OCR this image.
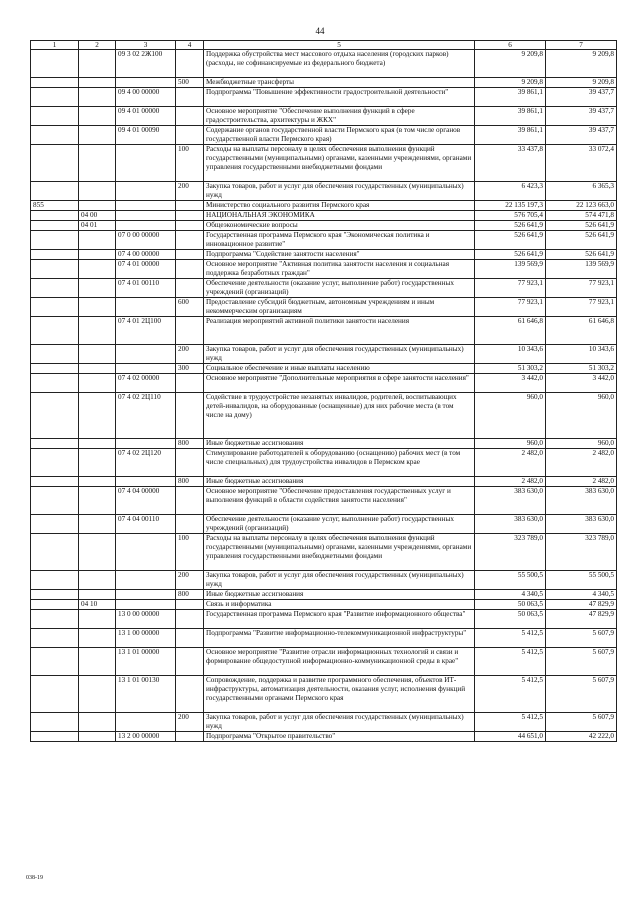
44
1	2	3	4	5	6	7
		09 3 02 2Ж100		Поддержка обустройства мест массового отдыха населения (городских парков) (расходы, не софинансируемые из федерального бюджета)	9 209,8	9 209,8
			500	Межбюджетные трансферты	9 209,8	9 209,8
		09 4 00 00000		Подпрограмма "Повышение эффективности градостроительной деятельности"	39 861,1	39 437,7
		09 4 01 00000		Основное мероприятие "Обеспечение выполнения функций в сфере градостроительства, архитектуры и ЖКХ"	39 861,1	39 437,7
		09 4 01 00090		Содержание органов государственной власти Пермского края (в том числе органов государственной власти Пермского края)	39 861,1	39 437,7
			100	Расходы на выплаты персоналу в целях обеспечения выполнения функций государственными (муниципальными) органами, казенными учреждениями, органами управления государственными внебюджетными фондами	33 437,8	33 072,4
			200	Закупка товаров, работ и услуг для обеспечения государственных (муниципальных) нужд	6 423,3	6 365,3
855				Министерство социального развития Пермского края	22 135 197,3	22 123 663,0
	04 00			НАЦИОНАЛЬНАЯ ЭКОНОМИКА	576 705,4	574 471,8
	04 01			Общеэкономические вопросы	526 641,9	526 641,9
		07 0 00 00000		Государственная программа Пермского края "Экономическая политика и инновационное развитие"	526 641,9	526 641,9
		07 4 00 00000		Подпрограмма "Содействие занятости населения"	526 641,9	526 641,9
		07 4 01 00000		Основное мероприятие "Активная политика занятости населения и социальная поддержка безработных граждан"	139 569,9	139 569,9
		07 4 01 00110		Обеспечение деятельности (оказание услуг, выполнение работ) государственных учреждений (организаций)	77 923,1	77 923,1
			600	Предоставление субсидий бюджетным, автономным учреждениям и иным некоммерческим организациям	77 923,1	77 923,1
		07 4 01 2Ц100		Реализация мероприятий активной политики занятости населения	61 646,8	61 646,8
			200	Закупка товаров, работ и услуг для обеспечения государственных (муниципальных) нужд	10 343,6	10 343,6
			300	Социальное обеспечение и иные выплаты населению	51 303,2	51 303,2
		07 4 02 00000		Основное мероприятие "Дополнительные мероприятия в сфере занятости населения"	3 442,0	3 442,0
		07 4 02 2Ц110		Содействие в трудоустройстве незанятых инвалидов, родителей, воспитывающих детей-инвалидов, на оборудованные (оснащенные) для них рабочие места (в том числе на дому)	960,0	960,0
			800	Иные бюджетные ассигнования	960,0	960,0
		07 4 02 2Ц120		Стимулирование работодателей к оборудованию (оснащению) рабочих мест (в том числе специальных) для трудоустройства инвалидов в Пермском крае	2 482,0	2 482,0
			800	Иные бюджетные ассигнования	2 482,0	2 482,0
		07 4 04 00000		Основное мероприятие "Обеспечение предоставления государственных услуг и выполнения функций в области содействия занятости населения"	383 630,0	383 630,0
		07 4 04 00110		Обеспечение деятельности (оказание услуг, выполнение работ) государственных учреждений (организаций)	383 630,0	383 630,0
			100	Расходы на выплаты персоналу в целях обеспечения выполнения функций государственными (муниципальными) органами, казенными учреждениями, органами управления государственными внебюджетными фондами	323 789,0	323 789,0
			200	Закупка товаров, работ и услуг для обеспечения государственных (муниципальных) нужд	55 500,5	55 500,5
			800	Иные бюджетные ассигнования	4 340,5	4 340,5
	04 10			Связь и информатика	50 063,5	47 829,9
		13 0 00 00000		Государственная программа Пермского края "Развитие информационного общества"	50 063,5	47 829,9
		13 1 00 00000		Подпрограмма "Развитие информационно-телекоммуникационной инфраструктуры"	5 412,5	5 607,9
		13 1 01 00000		Основное мероприятие "Развитие отрасли информационных технологий и связи и формирование общедоступной информационно-коммуникационной среды в крае"	5 412,5	5 607,9
		13 1 01 00130		Сопровождение, поддержка и развитие программного обеспечения, объектов ИТ-инфраструктуры, автоматизация деятельности, оказания услуг, исполнения функций государственными органами Пермского края	5 412,5	5 607,9
			200	Закупка товаров, работ и услуг для обеспечения государственных (муниципальных) нужд	5 412,5	5 607,9
		13 2 00 00000		Подпрограмма "Открытое правительство"	44 651,0	42 222,0
038-19
